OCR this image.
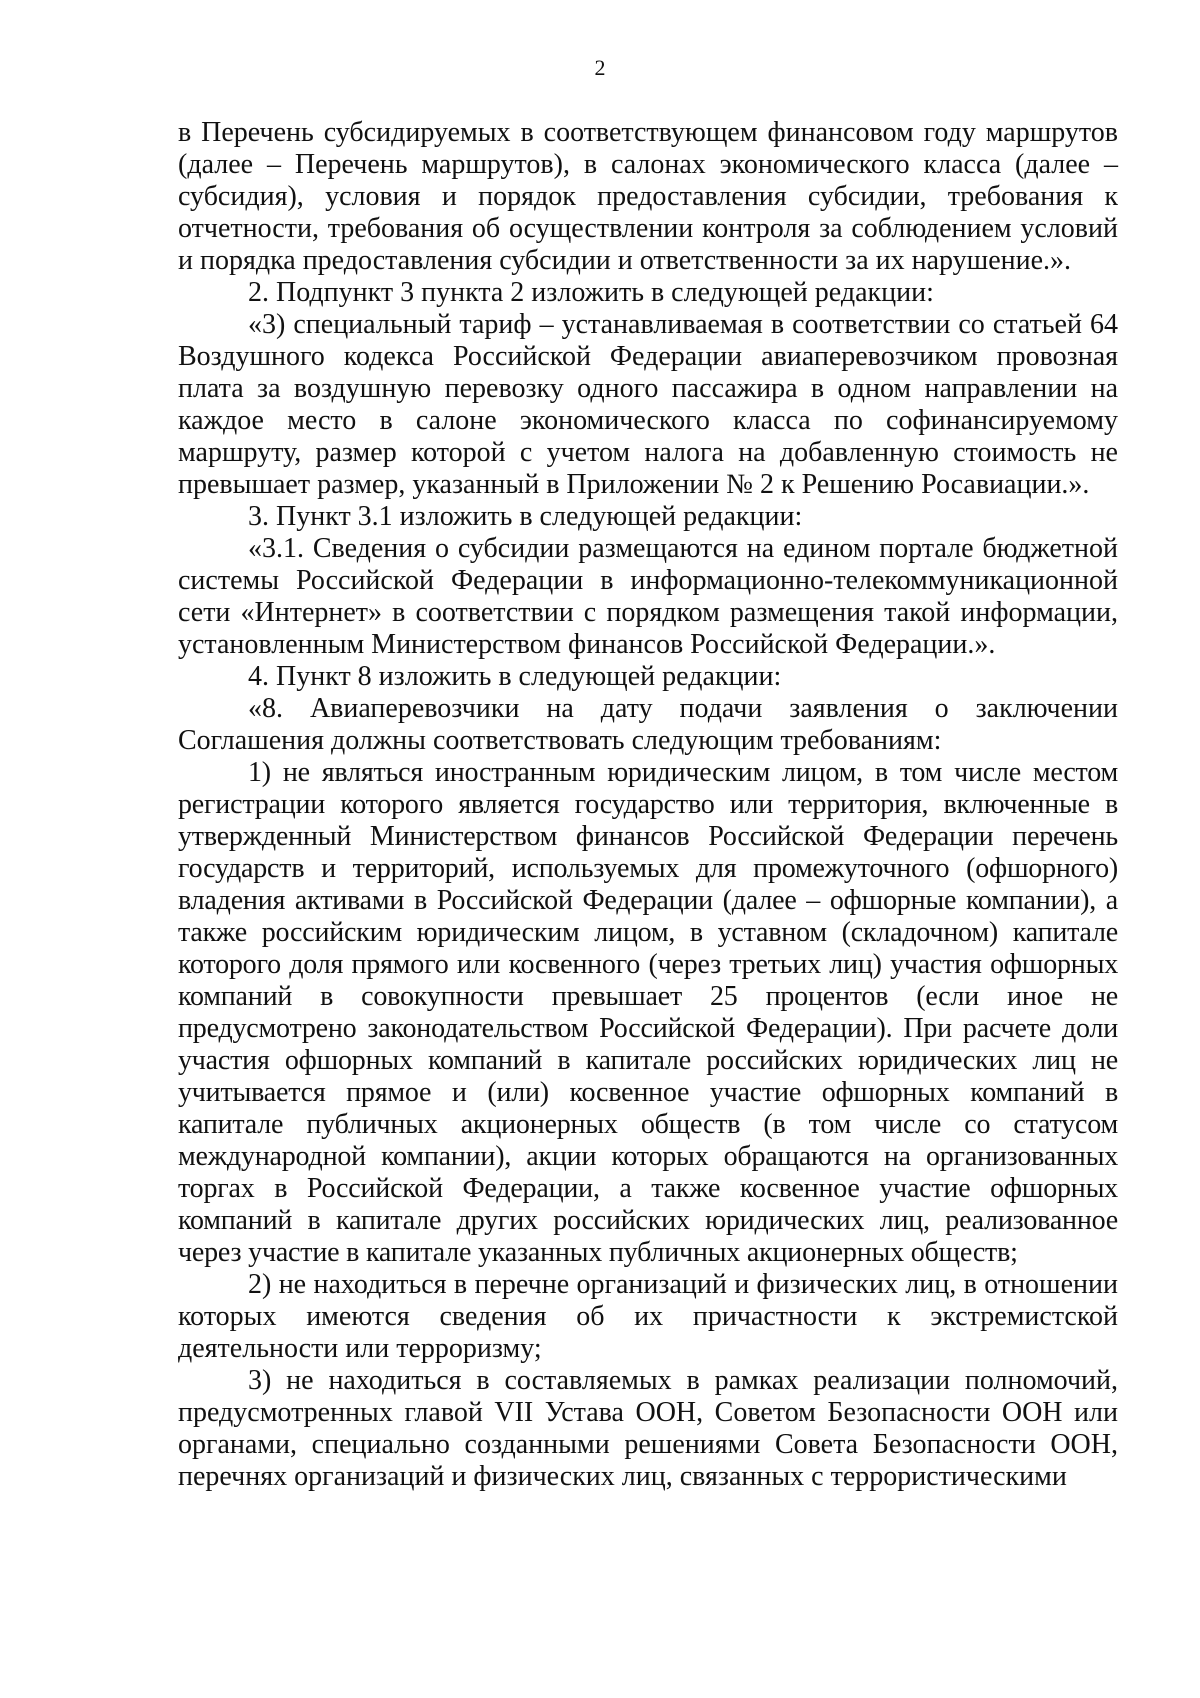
2

в Перечень субсидируемых в соответствующем финансовом году маршрутов (далее – Перечень маршрутов), в салонах экономического класса (далее – субсидия), условия и порядок предоставления субсидии, требования к отчетности, требования об осуществлении контроля за соблюдением условий и порядка предоставления субсидии и ответственности за их нарушение.».

2. Подпункт 3 пункта 2 изложить в следующей редакции:

«3) специальный тариф – устанавливаемая в соответствии со статьей 64 Воздушного кодекса Российской Федерации авиаперевозчиком провозная плата за воздушную перевозку одного пассажира в одном направлении на каждое место в салоне экономического класса по софинансируемому маршруту, размер которой с учетом налога на добавленную стоимость не превышает размер, указанный в Приложении № 2 к Решению Росавиации.».

3. Пункт 3.1 изложить в следующей редакции:

«3.1. Сведения о субсидии размещаются на едином портале бюджетной системы Российской Федерации в информационно-телекоммуникационной сети «Интернет» в соответствии с порядком размещения такой информации, установленным Министерством финансов Российской Федерации.».

4. Пункт 8 изложить в следующей редакции:

«8. Авиаперевозчики на дату подачи заявления о заключении Соглашения должны соответствовать следующим требованиям:

1) не являться иностранным юридическим лицом, в том числе местом регистрации которого является государство или территория, включенные в утвержденный Министерством финансов Российской Федерации перечень государств и территорий, используемых для промежуточного (офшорного) владения активами в Российской Федерации (далее – офшорные компании), а также российским юридическим лицом, в уставном (складочном) капитале которого доля прямого или косвенного (через третьих лиц) участия офшорных компаний в совокупности превышает 25 процентов (если иное не предусмотрено законодательством Российской Федерации). При расчете доли участия офшорных компаний в капитале российских юридических лиц не учитывается прямое и (или) косвенное участие офшорных компаний в капитале публичных акционерных обществ (в том числе со статусом международной компании), акции которых обращаются на организованных торгах в Российской Федерации, а также косвенное участие офшорных компаний в капитале других российских юридических лиц, реализованное через участие в капитале указанных публичных акционерных обществ;

2) не находиться в перечне организаций и физических лиц, в отношении которых имеются сведения об их причастности к экстремистской деятельности или терроризму;

3) не находиться в составляемых в рамках реализации полномочий, предусмотренных главой VII Устава ООН, Советом Безопасности ООН или органами, специально созданными решениями Совета Безопасности ООН, перечнях организаций и физических лиц, связанных с террористическими
